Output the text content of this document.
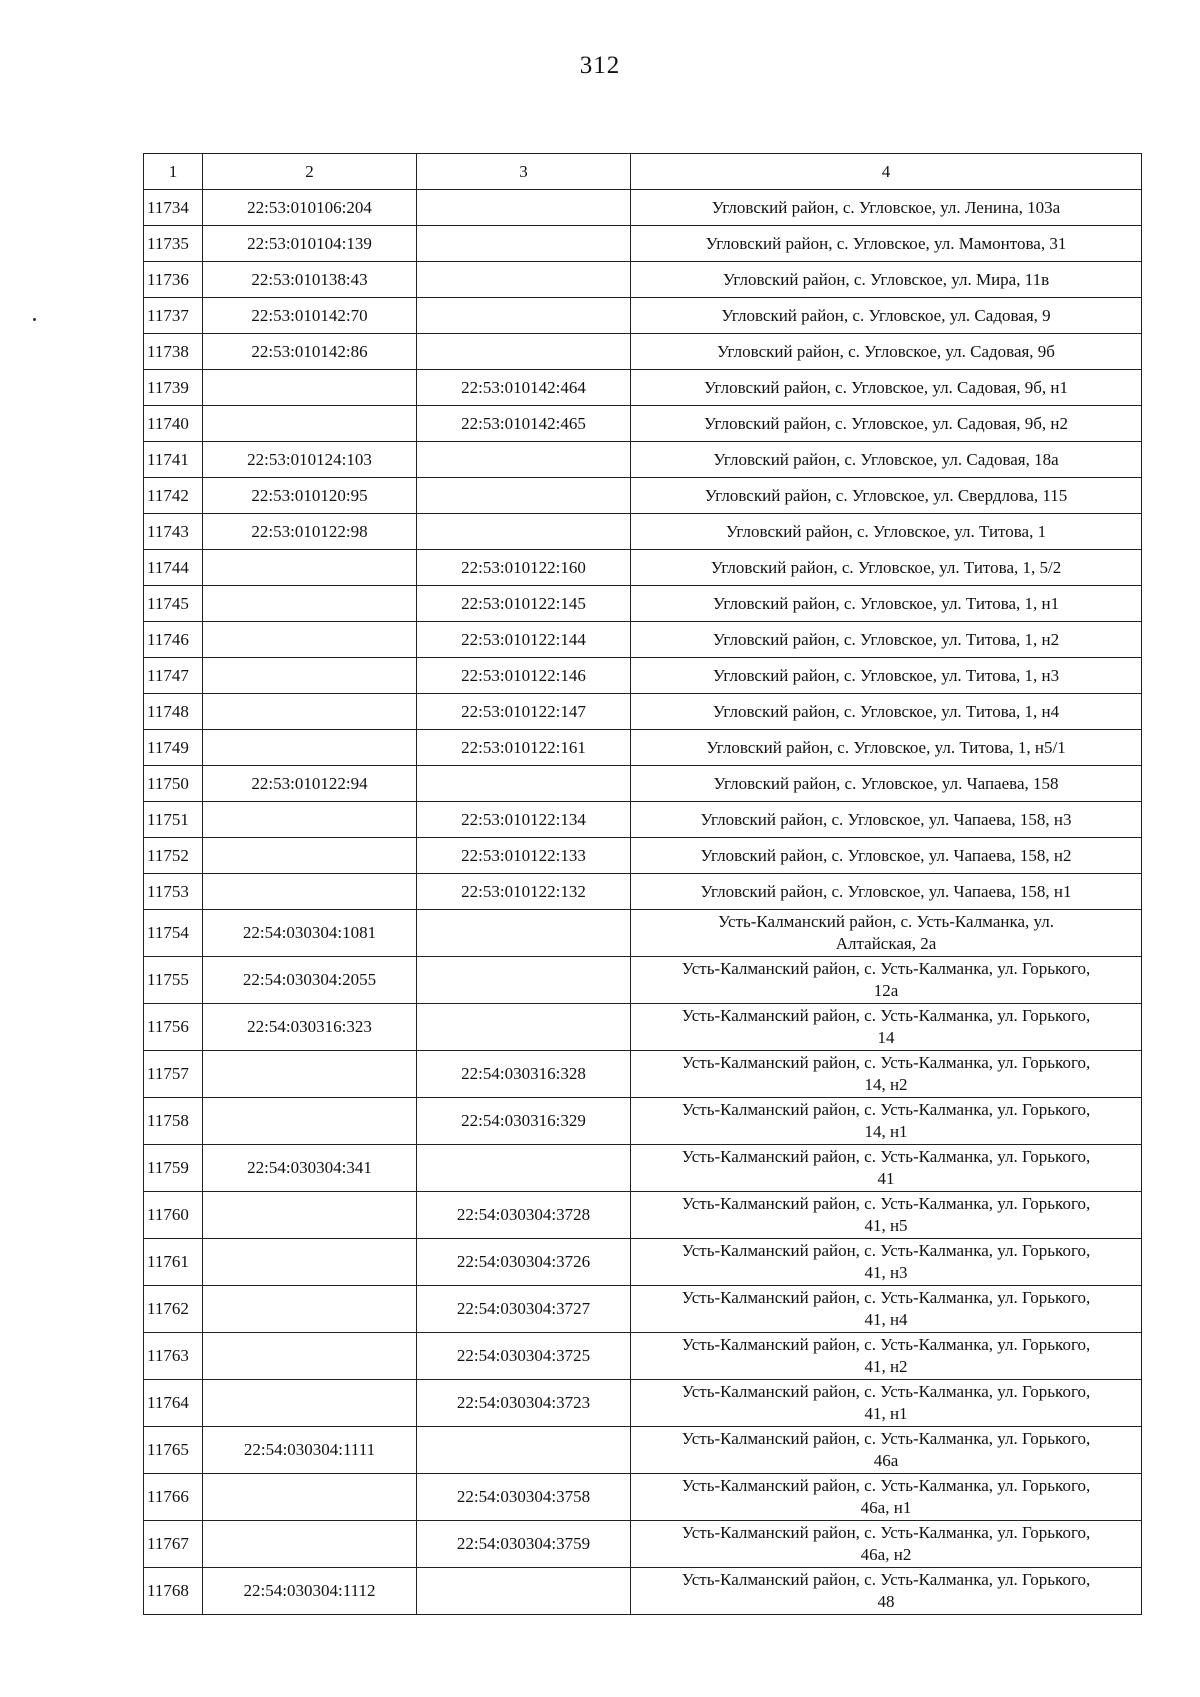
312
1	2	3	4
11734	22:53:010106:204		Угловский район, с. Угловское, ул. Ленина, 103а
11735	22:53:010104:139		Угловский район, с. Угловское, ул. Мамонтова, 31
11736	22:53:010138:43		Угловский район, с. Угловское, ул. Мира, 11в
11737	22:53:010142:70		Угловский район, с. Угловское, ул. Садовая, 9
11738	22:53:010142:86		Угловский район, с. Угловское, ул. Садовая, 9б
11739		22:53:010142:464	Угловский район, с. Угловское, ул. Садовая, 9б, н1
11740		22:53:010142:465	Угловский район, с. Угловское, ул. Садовая, 9б, н2
11741	22:53:010124:103		Угловский район, с. Угловское, ул. Садовая, 18а
11742	22:53:010120:95		Угловский район, с. Угловское, ул. Свердлова, 115
11743	22:53:010122:98		Угловский район, с. Угловское, ул. Титова, 1
11744		22:53:010122:160	Угловский район, с. Угловское, ул. Титова, 1, 5/2
11745		22:53:010122:145	Угловский район, с. Угловское, ул. Титова, 1, н1
11746		22:53:010122:144	Угловский район, с. Угловское, ул. Титова, 1, н2
11747		22:53:010122:146	Угловский район, с. Угловское, ул. Титова, 1, н3
11748		22:53:010122:147	Угловский район, с. Угловское, ул. Титова, 1, н4
11749		22:53:010122:161	Угловский район, с. Угловское, ул. Титова, 1, н5/1
11750	22:53:010122:94		Угловский район, с. Угловское, ул. Чапаева, 158
11751		22:53:010122:134	Угловский район, с. Угловское, ул. Чапаева, 158, н3
11752		22:53:010122:133	Угловский район, с. Угловское, ул. Чапаева, 158, н2
11753		22:53:010122:132	Угловский район, с. Угловское, ул. Чапаева, 158, н1
11754	22:54:030304:1081		Усть-Калманский район, с. Усть-Калманка, ул. Алтайская, 2а
11755	22:54:030304:2055		Усть-Калманский район, с. Усть-Калманка, ул. Горького, 12а
11756	22:54:030316:323		Усть-Калманский район, с. Усть-Калманка, ул. Горького, 14
11757		22:54:030316:328	Усть-Калманский район, с. Усть-Калманка, ул. Горького, 14, н2
11758		22:54:030316:329	Усть-Калманский район, с. Усть-Калманка, ул. Горького, 14, н1
11759	22:54:030304:341		Усть-Калманский район, с. Усть-Калманка, ул. Горького, 41
11760		22:54:030304:3728	Усть-Калманский район, с. Усть-Калманка, ул. Горького, 41, н5
11761		22:54:030304:3726	Усть-Калманский район, с. Усть-Калманка, ул. Горького, 41, н3
11762		22:54:030304:3727	Усть-Калманский район, с. Усть-Калманка, ул. Горького, 41, н4
11763		22:54:030304:3725	Усть-Калманский район, с. Усть-Калманка, ул. Горького, 41, н2
11764		22:54:030304:3723	Усть-Калманский район, с. Усть-Калманка, ул. Горького, 41, н1
11765	22:54:030304:1111		Усть-Калманский район, с. Усть-Калманка, ул. Горького, 46а
11766		22:54:030304:3758	Усть-Калманский район, с. Усть-Калманка, ул. Горького, 46а, н1
11767		22:54:030304:3759	Усть-Калманский район, с. Усть-Калманка, ул. Горького, 46а, н2
11768	22:54:030304:1112		Усть-Калманский район, с. Усть-Калманка, ул. Горького, 48
